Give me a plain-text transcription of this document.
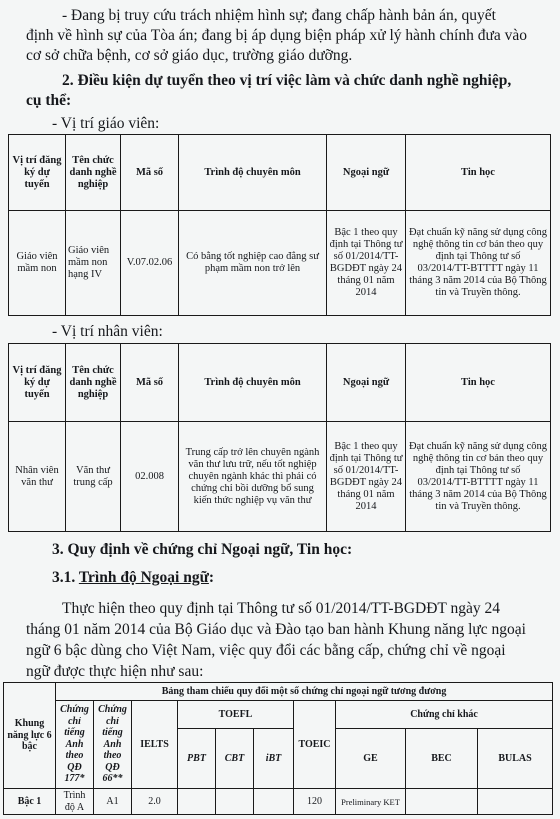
- Đang bị truy cứu trách nhiệm hình sự; đang chấp hành bản án, quyết
định về hình sự của Tòa án; đang bị áp dụng biện pháp xử lý hành chính đưa vào
cơ sở chữa bệnh, cơ sở giáo dục, trường giáo dưỡng.
2. Điều kiện dự tuyển theo vị trí việc làm và chức danh nghề nghiệp,
cụ thể:
- Vị trí giáo viên:
Vị trí đăng ký dự tuyển	Tên chức danh nghề nghiệp	Mã số	Trình độ chuyên môn	Ngoại ngữ	Tin học
Giáo viên mầm non	Giáo viên mầm non hạng IV	V.07.02.06	Có bằng tốt nghiệp cao đẳng sư phạm mầm non trở lên	Bậc 1 theo quy định tại Thông tư số 01/2014/TT-BGDĐT ngày 24 tháng 01 năm 2014	Đạt chuẩn kỹ năng sử dụng công nghệ thông tin cơ bản theo quy định tại Thông tư số 03/2014/TT-BTTTT ngày 11 tháng 3 năm 2014 của Bộ Thông tin và Truyền thông.
- Vị trí nhân viên:
Vị trí đăng ký dự tuyển	Tên chức danh nghề nghiệp	Mã số	Trình độ chuyên môn	Ngoại ngữ	Tin học
Nhân viên văn thư	Văn thư trung cấp	02.008	Trung cấp trở lên chuyên ngành văn thư lưu trữ, nếu tốt nghiệp chuyên ngành khác thì phải có chứng chỉ bồi dưỡng bổ sung kiến thức nghiệp vụ văn thư	Bậc 1 theo quy định tại Thông tư số 01/2014/TT-BGDĐT ngày 24 tháng 01 năm 2014	Đạt chuẩn kỹ năng sử dụng công nghệ thông tin cơ bản theo quy định tại Thông tư số 03/2014/TT-BTTTT ngày 11 tháng 3 năm 2014 của Bộ Thông tin và Truyền thông.
3. Quy định về chứng chỉ Ngoại ngữ, Tin học:
3.1. Trình độ Ngoại ngữ:
Thực hiện theo quy định tại Thông tư số 01/2014/TT-BGDĐT ngày 24
tháng 01 năm 2014 của Bộ Giáo dục và Đào tạo ban hành Khung năng lực ngoại
ngữ 6 bậc dùng cho Việt Nam, việc quy đổi các bằng cấp, chứng chỉ về ngoại
ngữ được thực hiện như sau:
Khung năng lực 6 bậc	Bảng tham chiếu quy đổi một số chứng chỉ ngoại ngữ tương đương									
	Chứng chỉ tiếng Anh theo QĐ 177*	Chứng chỉ tiếng Anh theo QĐ 66**	IELTS	TOEFL			TOEIC	Chứng chỉ khác		
				PBT	CBT	iBT		GE	BEC	BULAS
Bậc 1	Trình độ A	A1	2.0				120	Preliminary KET		
